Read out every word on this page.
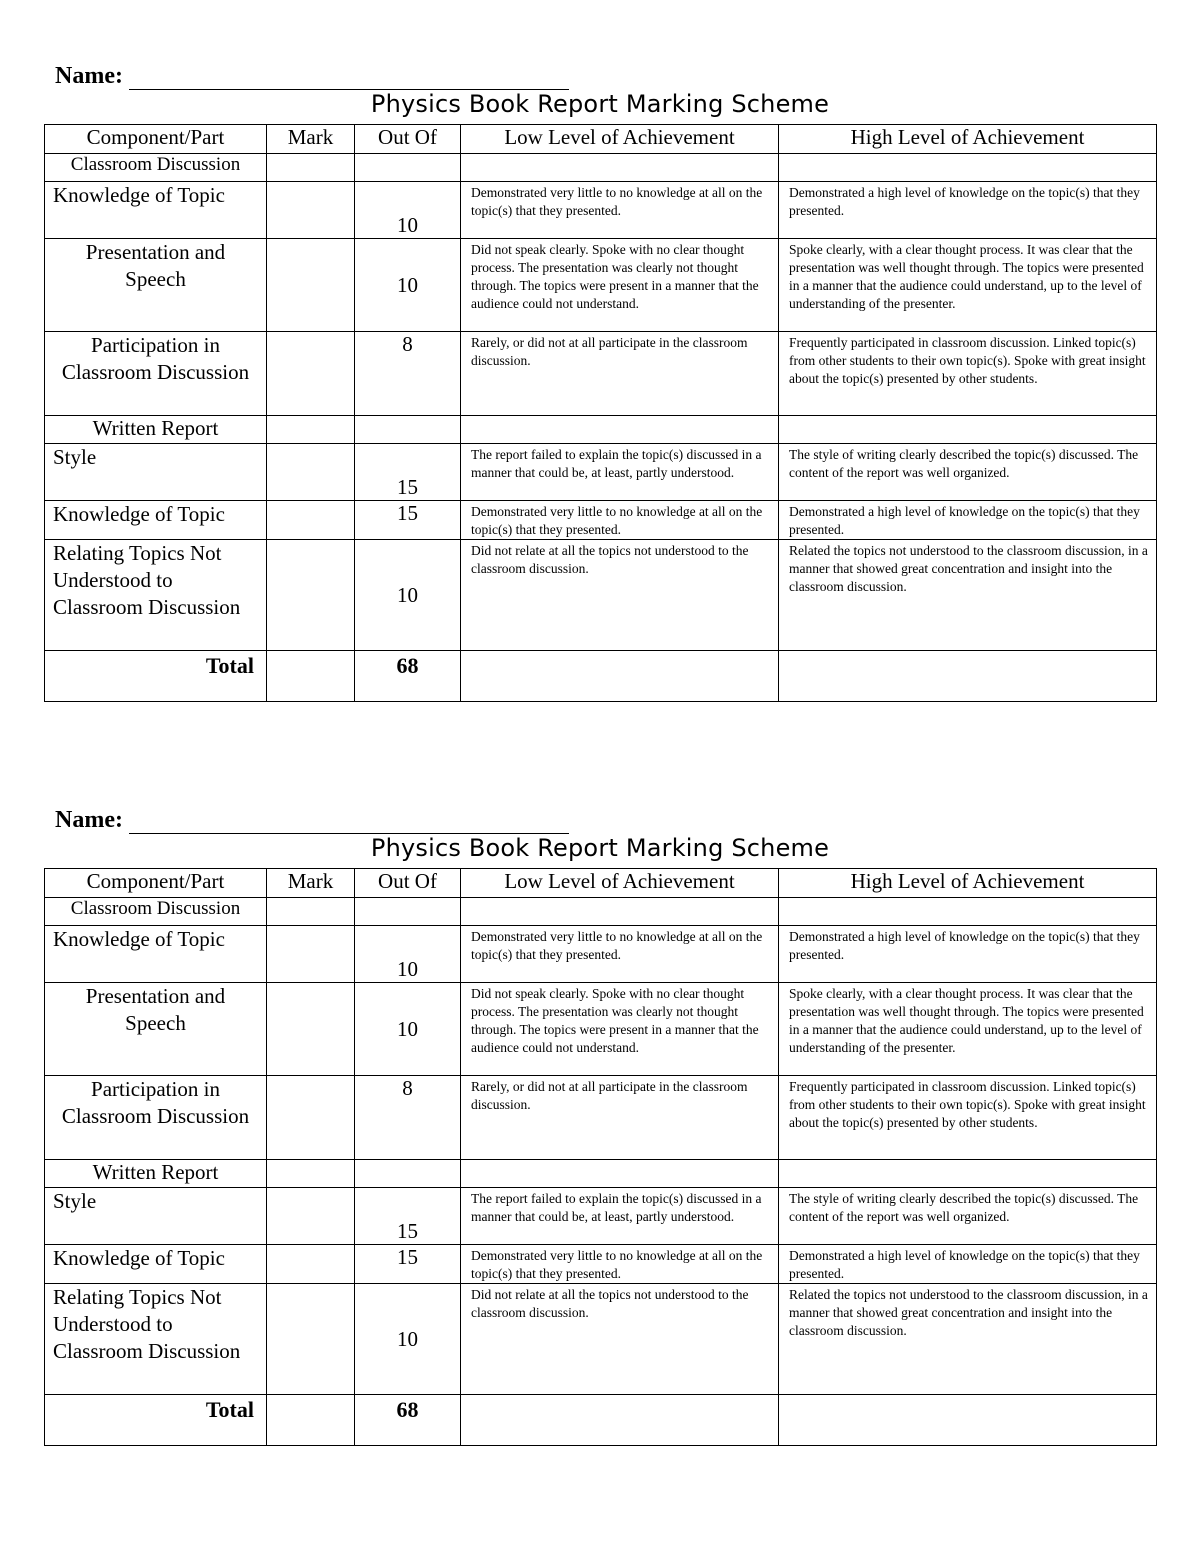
Name:
Physics Book Report Marking Scheme
Component/Part	Mark	Out Of	Low Level of Achievement	High Level of Achievement
Classroom Discussion				
Knowledge of Topic		10	Demonstrated very little to no knowledge at all on the topic(s) that they presented.	Demonstrated a high level of knowledge on the topic(s) that they presented.
Presentation and Speech		10	Did not speak clearly. Spoke with no clear thought process. The presentation was clearly not thought through. The topics were present in a manner that the audience could not understand.	Spoke clearly, with a clear thought process. It was clear that the presentation was well thought through. The topics were presented in a manner that the audience could understand, up to the level of understanding of the presenter.
Participation in Classroom Discussion		8	Rarely, or did not at all participate in the classroom discussion.	Frequently participated in classroom discussion. Linked topic(s) from other students to their own topic(s). Spoke with great insight about the topic(s) presented by other students.
Written Report				
Style		15	The report failed to explain the topic(s) discussed in a manner that could be, at least, partly understood.	The style of writing clearly described the topic(s) discussed. The content of the report was well organized.
Knowledge of Topic		15	Demonstrated very little to no knowledge at all on the topic(s) that they presented.	Demonstrated a high level of knowledge on the topic(s) that they presented.
Relating Topics Not Understood to Classroom Discussion		10	Did not relate at all the topics not understood to the classroom discussion.	Related the topics not understood to the classroom discussion, in a manner that showed great concentration and insight into the classroom discussion.
Total		68		
Name:
Physics Book Report Marking Scheme
Component/Part	Mark	Out Of	Low Level of Achievement	High Level of Achievement
Classroom Discussion				
Knowledge of Topic		10	Demonstrated very little to no knowledge at all on the topic(s) that they presented.	Demonstrated a high level of knowledge on the topic(s) that they presented.
Presentation and Speech		10	Did not speak clearly. Spoke with no clear thought process. The presentation was clearly not thought through. The topics were present in a manner that the audience could not understand.	Spoke clearly, with a clear thought process. It was clear that the presentation was well thought through. The topics were presented in a manner that the audience could understand, up to the level of understanding of the presenter.
Participation in Classroom Discussion		8	Rarely, or did not at all participate in the classroom discussion.	Frequently participated in classroom discussion. Linked topic(s) from other students to their own topic(s). Spoke with great insight about the topic(s) presented by other students.
Written Report				
Style		15	The report failed to explain the topic(s) discussed in a manner that could be, at least, partly understood.	The style of writing clearly described the topic(s) discussed. The content of the report was well organized.
Knowledge of Topic		15	Demonstrated very little to no knowledge at all on the topic(s) that they presented.	Demonstrated a high level of knowledge on the topic(s) that they presented.
Relating Topics Not Understood to Classroom Discussion		10	Did not relate at all the topics not understood to the classroom discussion.	Related the topics not understood to the classroom discussion, in a manner that showed great concentration and insight into the classroom discussion.
Total		68		
